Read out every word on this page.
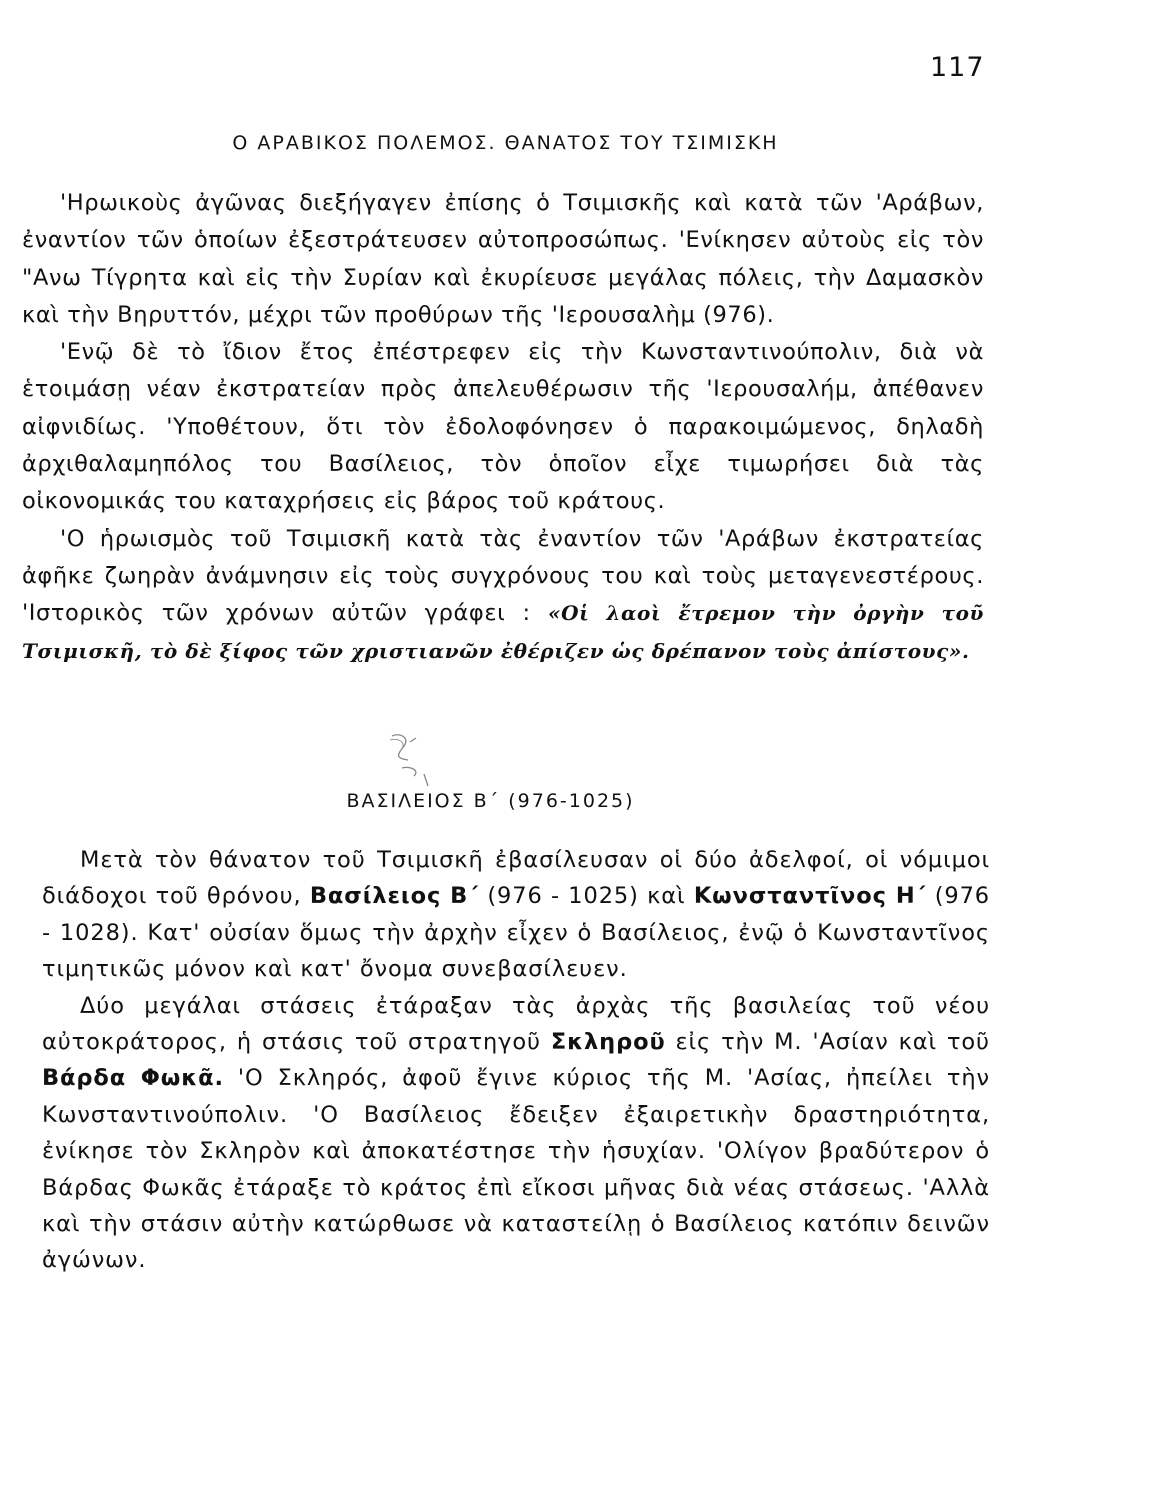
117
Ο ΑΡΑΒΙΚΟΣ ΠΟΛΕΜΟΣ. ΘΑΝΑΤΟΣ ΤΟΥ ΤΣΙΜΙΣΚΗ

'Ηρωικοὺς ἀγῶνας διεξήγαγεν ἐπίσης ὁ Τσιμισκῆς καὶ κατὰ τῶν 'Αράβων, ἐναντίον τῶν ὁποίων ἐξεστράτευσεν αὐτοπροσώπως. 'Ενίκησεν αὐτοὺς εἰς τὸν "Ανω Τίγρητα καὶ εἰς τὴν Συρίαν καὶ ἐκυρίευσε μεγάλας πόλεις, τὴν Δαμασκὸν καὶ τὴν Βηρυττόν, μέχρι τῶν προθύρων τῆς 'Ιερουσαλὴμ (976).

'Ενῷ δὲ τὸ ἴδιον ἔτος ἐπέστρεφεν εἰς τὴν Κωνσταντινούπολιν, διὰ νὰ ἑτοιμάσῃ νέαν ἐκστρατείαν πρὸς ἀπελευθέρωσιν τῆς 'Ιερουσαλήμ, ἀπέθανεν αἰφνιδίως. 'Υποθέτουν, ὅτι τὸν ἐδολοφόνησεν ὁ παρακοιμώμενος, δηλαδὴ ἀρχιθαλαμηπόλος του Βασίλειος, τὸν ὁποῖον εἶχε τιμωρήσει διὰ τὰς οἰκονομικάς του καταχρήσεις εἰς βάρος τοῦ κράτους.

'Ο ἡρωισμὸς τοῦ Τσιμισκῆ κατὰ τὰς ἐναντίον τῶν 'Αράβων ἐκστρατείας ἀφῆκε ζωηρὰν ἀνάμνησιν εἰς τοὺς συγχρόνους του καὶ τοὺς μεταγενεστέρους. 'Ιστορικὸς τῶν χρόνων αὐτῶν γράφει : «Οἱ λαοὶ ἔτρεμον τὴν ὀργὴν τοῦ Τσιμισκῆ, τὸ δὲ ξίφος τῶν χριστιανῶν ἐθέριζεν ὡς δρέπανον τοὺς ἀπίστους».

ΒΑΣΙΛΕΙΟΣ Β΄ (976-1025)

Μετὰ τὸν θάνατον τοῦ Τσιμισκῆ ἐβασίλευσαν οἱ δύο ἀδελφοί, οἱ νόμιμοι διάδοχοι τοῦ θρόνου, Βασίλειος Β΄ (976 - 1025) καὶ Κωνσταντῖνος Η΄ (976 - 1028). Κατ' οὐσίαν ὅμως τὴν ἀρχὴν εἶχεν ὁ Βασίλειος, ἐνῷ ὁ Κωνσταντῖνος τιμητικῶς μόνον καὶ κατ' ὄνομα συνεβασίλευεν.

Δύο μεγάλαι στάσεις ἐτάραξαν τὰς ἀρχὰς τῆς βασιλείας τοῦ νέου αὐτοκράτορος, ἡ στάσις τοῦ στρατηγοῦ Σκληροῦ εἰς τὴν Μ. 'Ασίαν καὶ τοῦ Βάρδα Φωκᾶ. 'Ο Σκληρός, ἀφοῦ ἔγινε κύριος τῆς Μ. 'Ασίας, ἠπείλει τὴν Κωνσταντινούπολιν. 'Ο Βασίλειος ἔδειξεν ἐξαιρετικὴν δραστηριότητα, ἐνίκησε τὸν Σκληρὸν καὶ ἀποκατέστησε τὴν ἡσυχίαν. 'Ολίγον βραδύτερον ὁ Βάρδας Φωκᾶς ἐτάραξε τὸ κράτος ἐπὶ εἴκοσι μῆνας διὰ νέας στάσεως. 'Αλλὰ καὶ τὴν στάσιν αὐτὴν κατώρθωσε νὰ καταστείλῃ ὁ Βασίλειος κατόπιν δεινῶν ἀγώνων.
